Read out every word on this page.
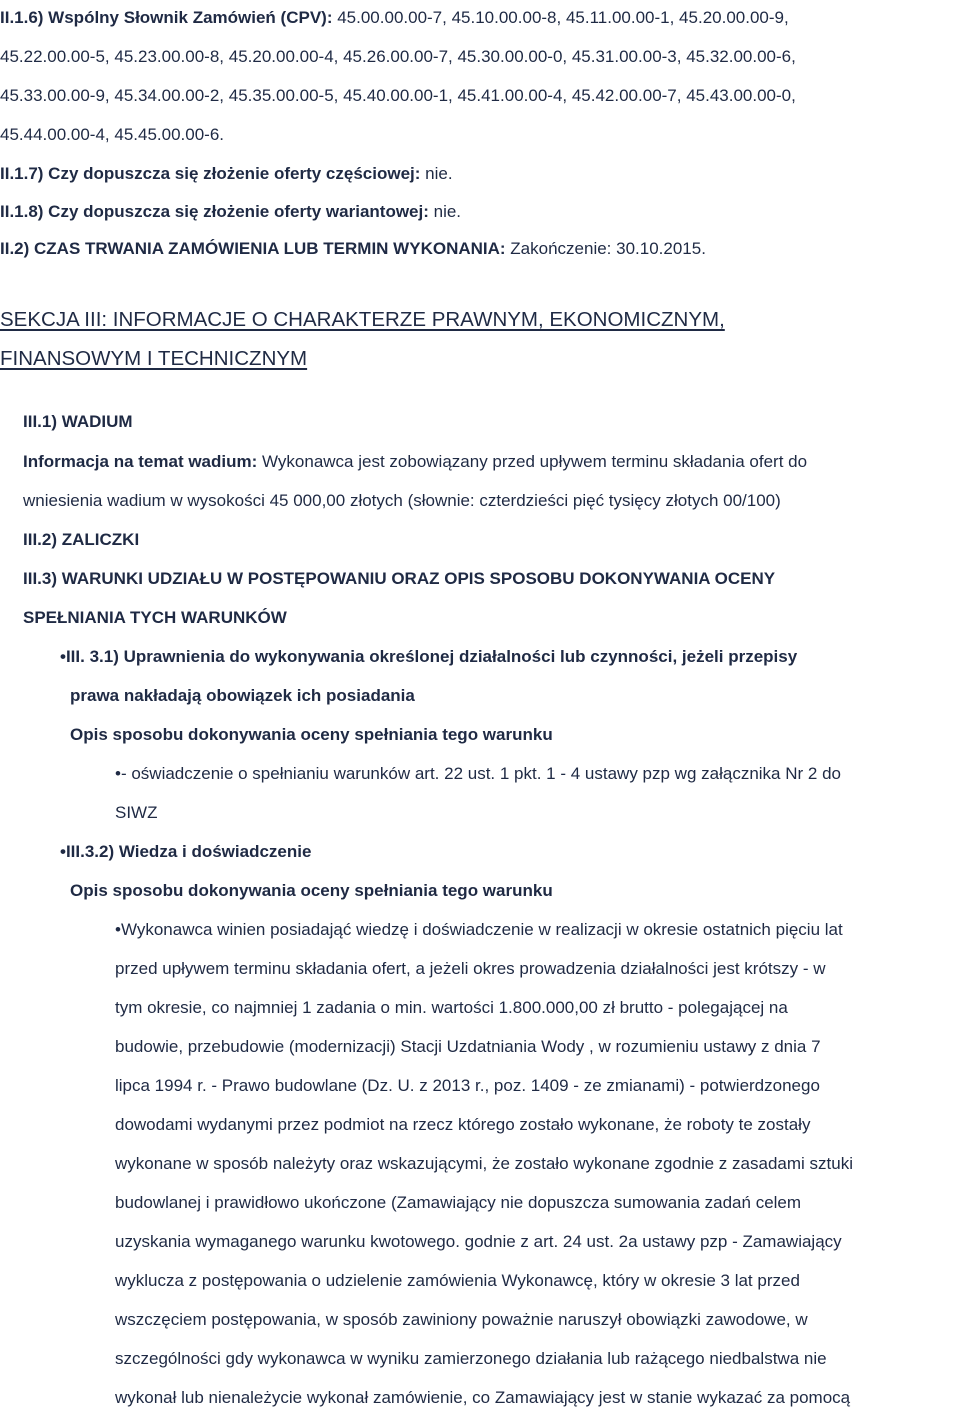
II.1.6) Wspólny Słownik Zamówień (CPV): 45.00.00.00-7, 45.10.00.00-8, 45.11.00.00-1, 45.20.00.00-9,
45.22.00.00-5, 45.23.00.00-8, 45.20.00.00-4, 45.26.00.00-7, 45.30.00.00-0, 45.31.00.00-3, 45.32.00.00-6,
45.33.00.00-9, 45.34.00.00-2, 45.35.00.00-5, 45.40.00.00-1, 45.41.00.00-4, 45.42.00.00-7, 45.43.00.00-0,
45.44.00.00-4, 45.45.00.00-6.
II.1.7) Czy dopuszcza się złożenie oferty częściowej: nie.
II.1.8) Czy dopuszcza się złożenie oferty wariantowej: nie.
II.2) CZAS TRWANIA ZAMÓWIENIA LUB TERMIN WYKONANIA: Zakończenie: 30.10.2015.
SEKCJA III: INFORMACJE O CHARAKTERZE PRAWNYM, EKONOMICZNYM,
FINANSOWYM I TECHNICZNYM
III.1) WADIUM
Informacja na temat wadium: Wykonawca jest zobowiązany przed upływem terminu składania ofert do
wniesienia wadium w wysokości 45 000,00 złotych (słownie: czterdzieści pięć tysięcy złotych 00/100)
III.2) ZALICZKI
III.3) WARUNKI UDZIAŁU W POSTĘPOWANIU ORAZ OPIS SPOSOBU DOKONYWANIA OCENY
SPEŁNIANIA TYCH WARUNKÓW
•III. 3.1) Uprawnienia do wykonywania określonej działalności lub czynności, jeżeli przepisy
prawa nakładają obowiązek ich posiadania
Opis sposobu dokonywania oceny spełniania tego warunku
•- oświadczenie o spełnianiu warunków art. 22 ust. 1 pkt. 1 - 4 ustawy pzp wg załącznika Nr 2 do
SIWZ
•III.3.2) Wiedza i doświadczenie
Opis sposobu dokonywania oceny spełniania tego warunku
•Wykonawca winien posiadająć wiedzę i doświadczenie w realizacji w okresie ostatnich pięciu lat
przed upływem terminu składania ofert, a jeżeli okres prowadzenia działalności jest krótszy - w
tym okresie, co najmniej 1 zadania o min. wartości 1.800.000,00 zł brutto - polegającej na
budowie, przebudowie (modernizacji) Stacji Uzdatniania Wody , w rozumieniu ustawy z dnia 7
lipca 1994 r. - Prawo budowlane (Dz. U. z 2013 r., poz. 1409 - ze zmianami) - potwierdzonego
dowodami wydanymi przez podmiot na rzecz którego zostało wykonane, że roboty te zostały
wykonane w sposób należyty oraz wskazującymi, że zostało wykonane zgodnie z zasadami sztuki
budowlanej i prawidłowo ukończone (Zamawiający nie dopuszcza sumowania zadań celem
uzyskania wymaganego warunku kwotowego. godnie z art. 24 ust. 2a ustawy pzp - Zamawiający
wyklucza z postępowania o udzielenie zamówienia Wykonawcę, który w okresie 3 lat przed
wszczęciem postępowania, w sposób zawiniony poważnie naruszył obowiązki zawodowe, w
szczególności gdy wykonawca w wyniku zamierzonego działania lub rażącego niedbalstwa nie
wykonał lub nienależycie wykonał zamówienie, co Zamawiający jest w stanie wykazać za pomocą
